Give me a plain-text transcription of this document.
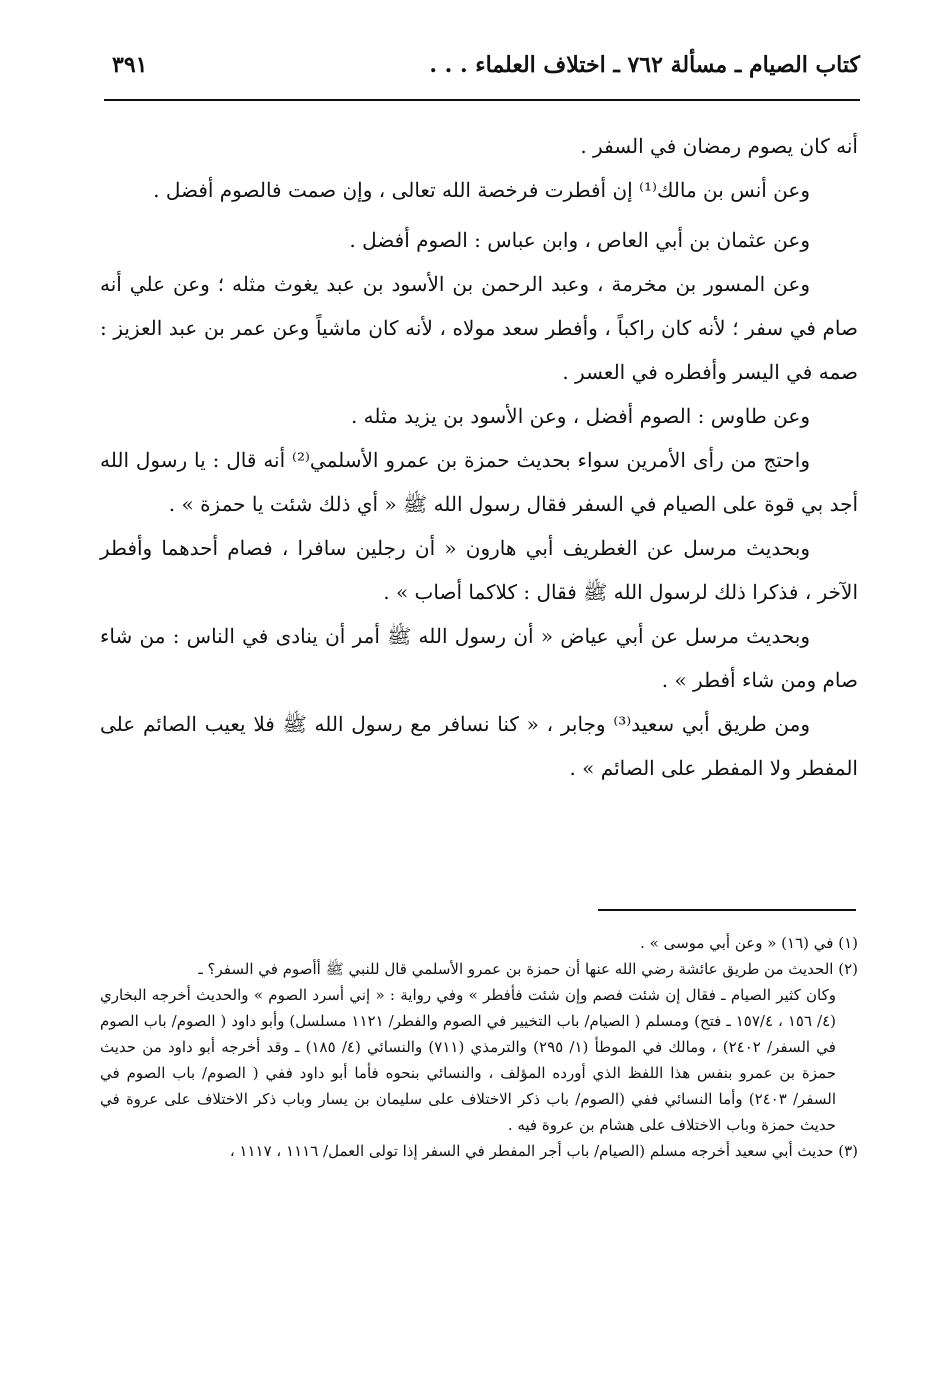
كتاب الصيام ـ مسألة ٧٦٢ ـ اختلاف العلماء . . .
٣٩١

أنه كان يصوم رمضان في السفر .

وعن أنس بن مالك⁽¹⁾ إن أفطرت فرخصة الله تعالى ، وإن صمت فالصوم أفضل .

وعن عثمان بن أبي العاص ، وابن عباس : الصوم أفضل .

وعن المسور بن مخرمة ، وعبد الرحمن بن الأسود بن عبد يغوث مثله ؛ وعن علي أنه صام في سفر ؛ لأنه كان راكباً ، وأفطر سعد مولاه ، لأنه كان ماشياً وعن عمر بن عبد العزيز : صمه في اليسر وأفطره في العسر .

وعن طاوس : الصوم أفضل ، وعن الأسود بن يزيد مثله .

واحتج من رأى الأمرين سواء بحديث حمزة بن عمرو الأسلمي⁽²⁾ أنه قال : يا رسول الله أجد بي قوة على الصيام في السفر فقال رسول الله ﷺ « أي ذلك شئت يا حمزة » .

وبحديث مرسل عن الغطريف أبي هارون « أن رجلين سافرا ، فصام أحدهما وأفطر الآخر ، فذكرا ذلك لرسول الله ﷺ فقال : كلاكما أصاب » .

وبحديث مرسل عن أبي عياض « أن رسول الله ﷺ أمر أن ينادى في الناس : من شاء صام ومن شاء أفطر » .

ومن طريق أبي سعيد⁽³⁾ وجابر ، « كنا نسافر مع رسول الله ﷺ فلا يعيب الصائم على المفطر ولا المفطر على الصائم » .

(١) في (١٦) « وعن أبي موسى » .

(٢) الحديث من طريق عائشة رضي الله عنها أن حمزة بن عمرو الأسلمي قال للنبي ﷺ أأصوم في السفر؟ ـ

وكان كثير الصيام ـ فقال إن شئت فصم وإن شئت فأفطر » وفي رواية : « إني أسرد الصوم » والحديث أخرجه البخاري (٤/ ١٥٦ ، ١٥٧/٤ ـ فتح) ومسلم ( الصيام/ باب التخيير في الصوم والفطر/ ١١٢١ مسلسل) وأبو داود ( الصوم/ باب الصوم في السفر/ ٢٤٠٢) ، ومالك في الموطأ (١/ ٢٩٥) والترمذي (٧١١) والنسائي (٤/ ١٨٥) ـ وقد أخرجه أبو داود من حديث حمزة بن عمرو بنفس هذا اللفظ الذي أورده المؤلف ، والنسائي بنحوه فأما أبو داود ففي ( الصوم/ باب الصوم في السفر/ ٢٤٠٣) وأما النسائي ففي (الصوم/ باب ذكر الاختلاف على سليمان بن يسار وباب ذكر الاختلاف على عروة في حديث حمزة وباب الاختلاف على هشام بن عروة فيه .

(٣) حديث أبي سعيد أخرجه مسلم (الصيام/ باب أجر المفطر في السفر إذا تولى العمل/ ١١١٦ ، ١١١٧ ،
